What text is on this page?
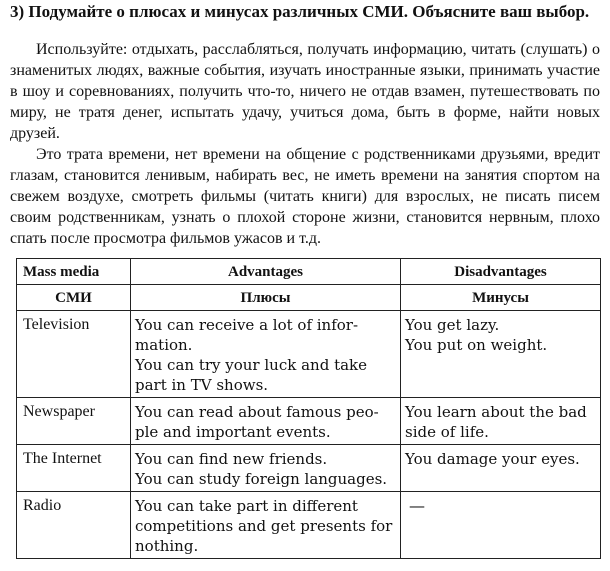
3) Подумайте о плюсах и минусах различных СМИ. Объясните ваш выбор.
Используйте: отдыхать, расслабляться, получать информацию, читать (слушать) о знаменитых людях, важные события, изучать иностранные языки, принимать участие в шоу и соревнованиях, получить что-то, ничего не отдав взамен, путешествовать по миру, не тратя денег, испытать удачу, учиться дома, быть в форме, найти новых друзей.
Это трата времени, нет времени на общение с родственниками друзьями, вредит глазам, становится ленивым, набирать вес, не иметь времени на занятия спортом на свежем воздухе, смотреть фильмы (читать книги) для взрослых, не писать писем своим родственникам, узнать о плохой стороне жизни, становится нервным, плохо спать после просмотра фильмов ужасов и т.д.
Mass media	Advantages	Disadvantages

СМИ	Плюсы	Минусы

Television	You can receive a lot of infor-
mation.
You can try your luck and take
part in TV shows.	You get lazy.
You put on weight.

Newspaper	You can read about famous peo-
ple and important events.	You learn about the bad
side of life.

The Internet	You can find new friends.
You can study foreign languages.	You damage your eyes.

Radio	You can take part in different
competitions and get presents for
nothing.	—
